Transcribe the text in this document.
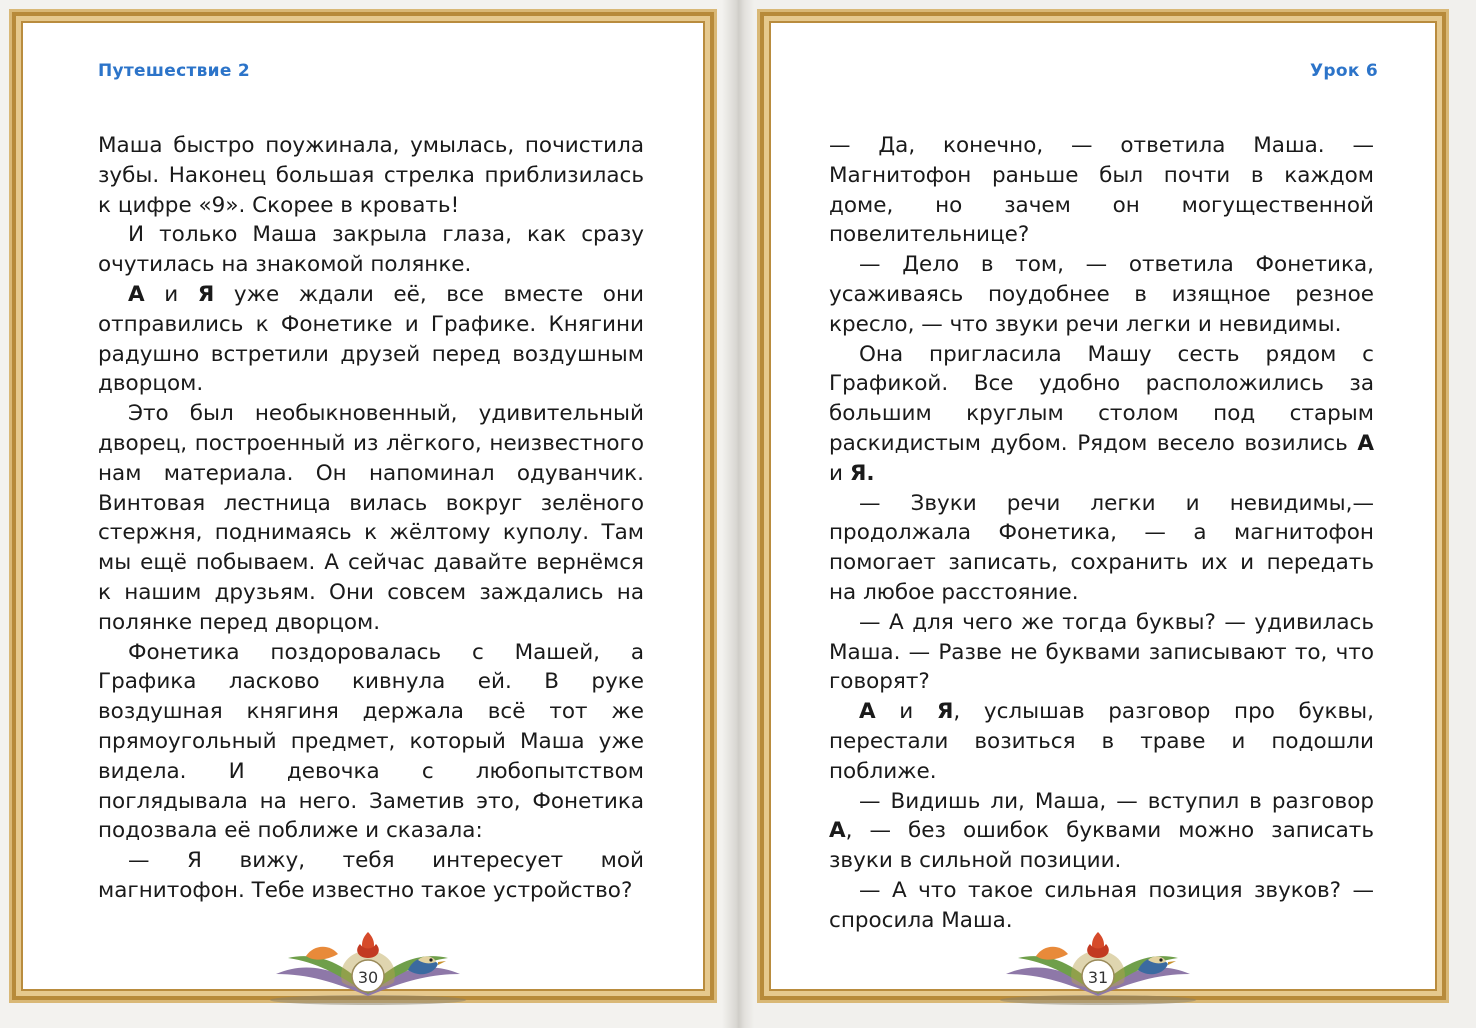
Путешествие 2	Урок 6

Маша быстро поужинала, умылась, почистила зубы. Наконец большая стрелка приблизилась к цифре «9». Скорее в кровать!

И только Маша закрыла глаза, как сразу очутилась на знакомой полянке.

А и Я уже ждали её, все вместе они отправились к Фонетике и Графике. Княгини радушно встретили друзей перед воздушным дворцом.

Это был необыкновенный, удивительный дворец, построенный из лёгкого, неизвестного нам материала. Он напоминал одуванчик. Винтовая лестница вилась вокруг зелёного стержня, поднимаясь к жёлтому куполу. Там мы ещё побываем. А сейчас давайте вернёмся к нашим друзьям. Они совсем заждались на полянке перед дворцом.

Фонетика поздоровалась с Машей, а Графика ласково кивнула ей. В руке воздушная княгиня держала всё тот же прямоугольный предмет, который Маша уже видела. И девочка с любопытством поглядывала на него. Заметив это, Фонетика подозвала её поближе и сказала:

— Я вижу, тебя интересует мой магнитофон. Тебе известно такое устройство?

— Да, конечно, — ответила Маша. — Магнитофон раньше был почти в каждом доме, но зачем он могущественной повелительнице?

— Дело в том, — ответила Фонетика, усаживаясь поудобнее в изящное резное кресло, — что звуки речи легки и невидимы.

Она пригласила Машу сесть рядом с Графикой. Все удобно расположились за большим круглым столом под старым раскидистым дубом. Рядом весело возились А и Я.

— Звуки речи легки и невидимы,— продолжала Фонетика, — а магнитофон помогает записать, сохранить их и передать на любое расстояние.

— А для чего же тогда буквы? — удивилась Маша. — Разве не буквами записывают то, что говорят?

А и Я, услышав разговор про буквы, перестали возиться в траве и подошли поближе.

— Видишь ли, Маша, — вступил в разговор А, — без ошибок буквами можно записать звуки в сильной позиции.

— А что такое сильная позиция звуков? — спросила Маша.

30	31
